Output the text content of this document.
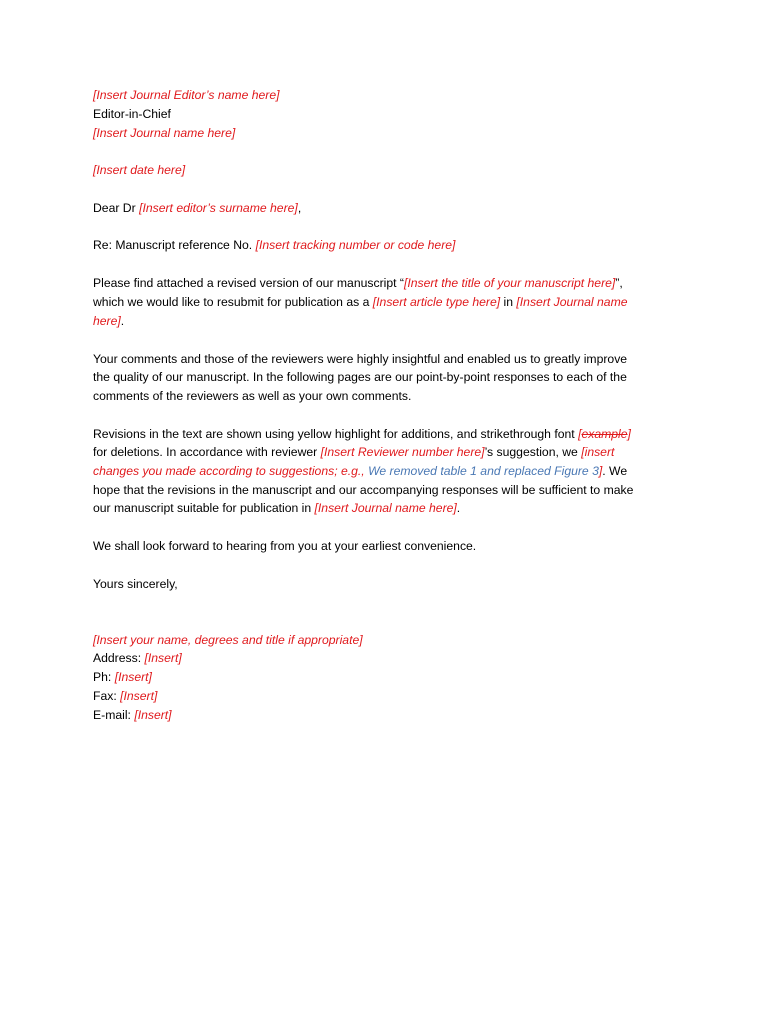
[Insert Journal Editor’s name here]
Editor-in-Chief
[Insert Journal name here]
[Insert date here]
Dear Dr [Insert editor’s surname here],
Re: Manuscript reference No. [Insert tracking number or code here]
Please find attached a revised version of our manuscript “[Insert the title of your manuscript here]”,
which we would like to resubmit for publication as a [Insert article type here] in [Insert Journal name
here].
Your comments and those of the reviewers were highly insightful and enabled us to greatly improve
the quality of our manuscript. In the following pages are our point-by-point responses to each of the
comments of the reviewers as well as your own comments.
Revisions in the text are shown using yellow highlight for additions, and strikethrough font [example]
for deletions. In accordance with reviewer [Insert Reviewer number here]’s suggestion, we [insert
changes you made according to suggestions; e.g., We removed table 1 and replaced Figure 3]. We
hope that the revisions in the manuscript and our accompanying responses will be sufficient to make
our manuscript suitable for publication in [Insert Journal name here].
We shall look forward to hearing from you at your earliest convenience.
Yours sincerely,
[Insert your name, degrees and title if appropriate]
Address: [Insert]
Ph: [Insert]
Fax: [Insert]
E-mail: [Insert]
